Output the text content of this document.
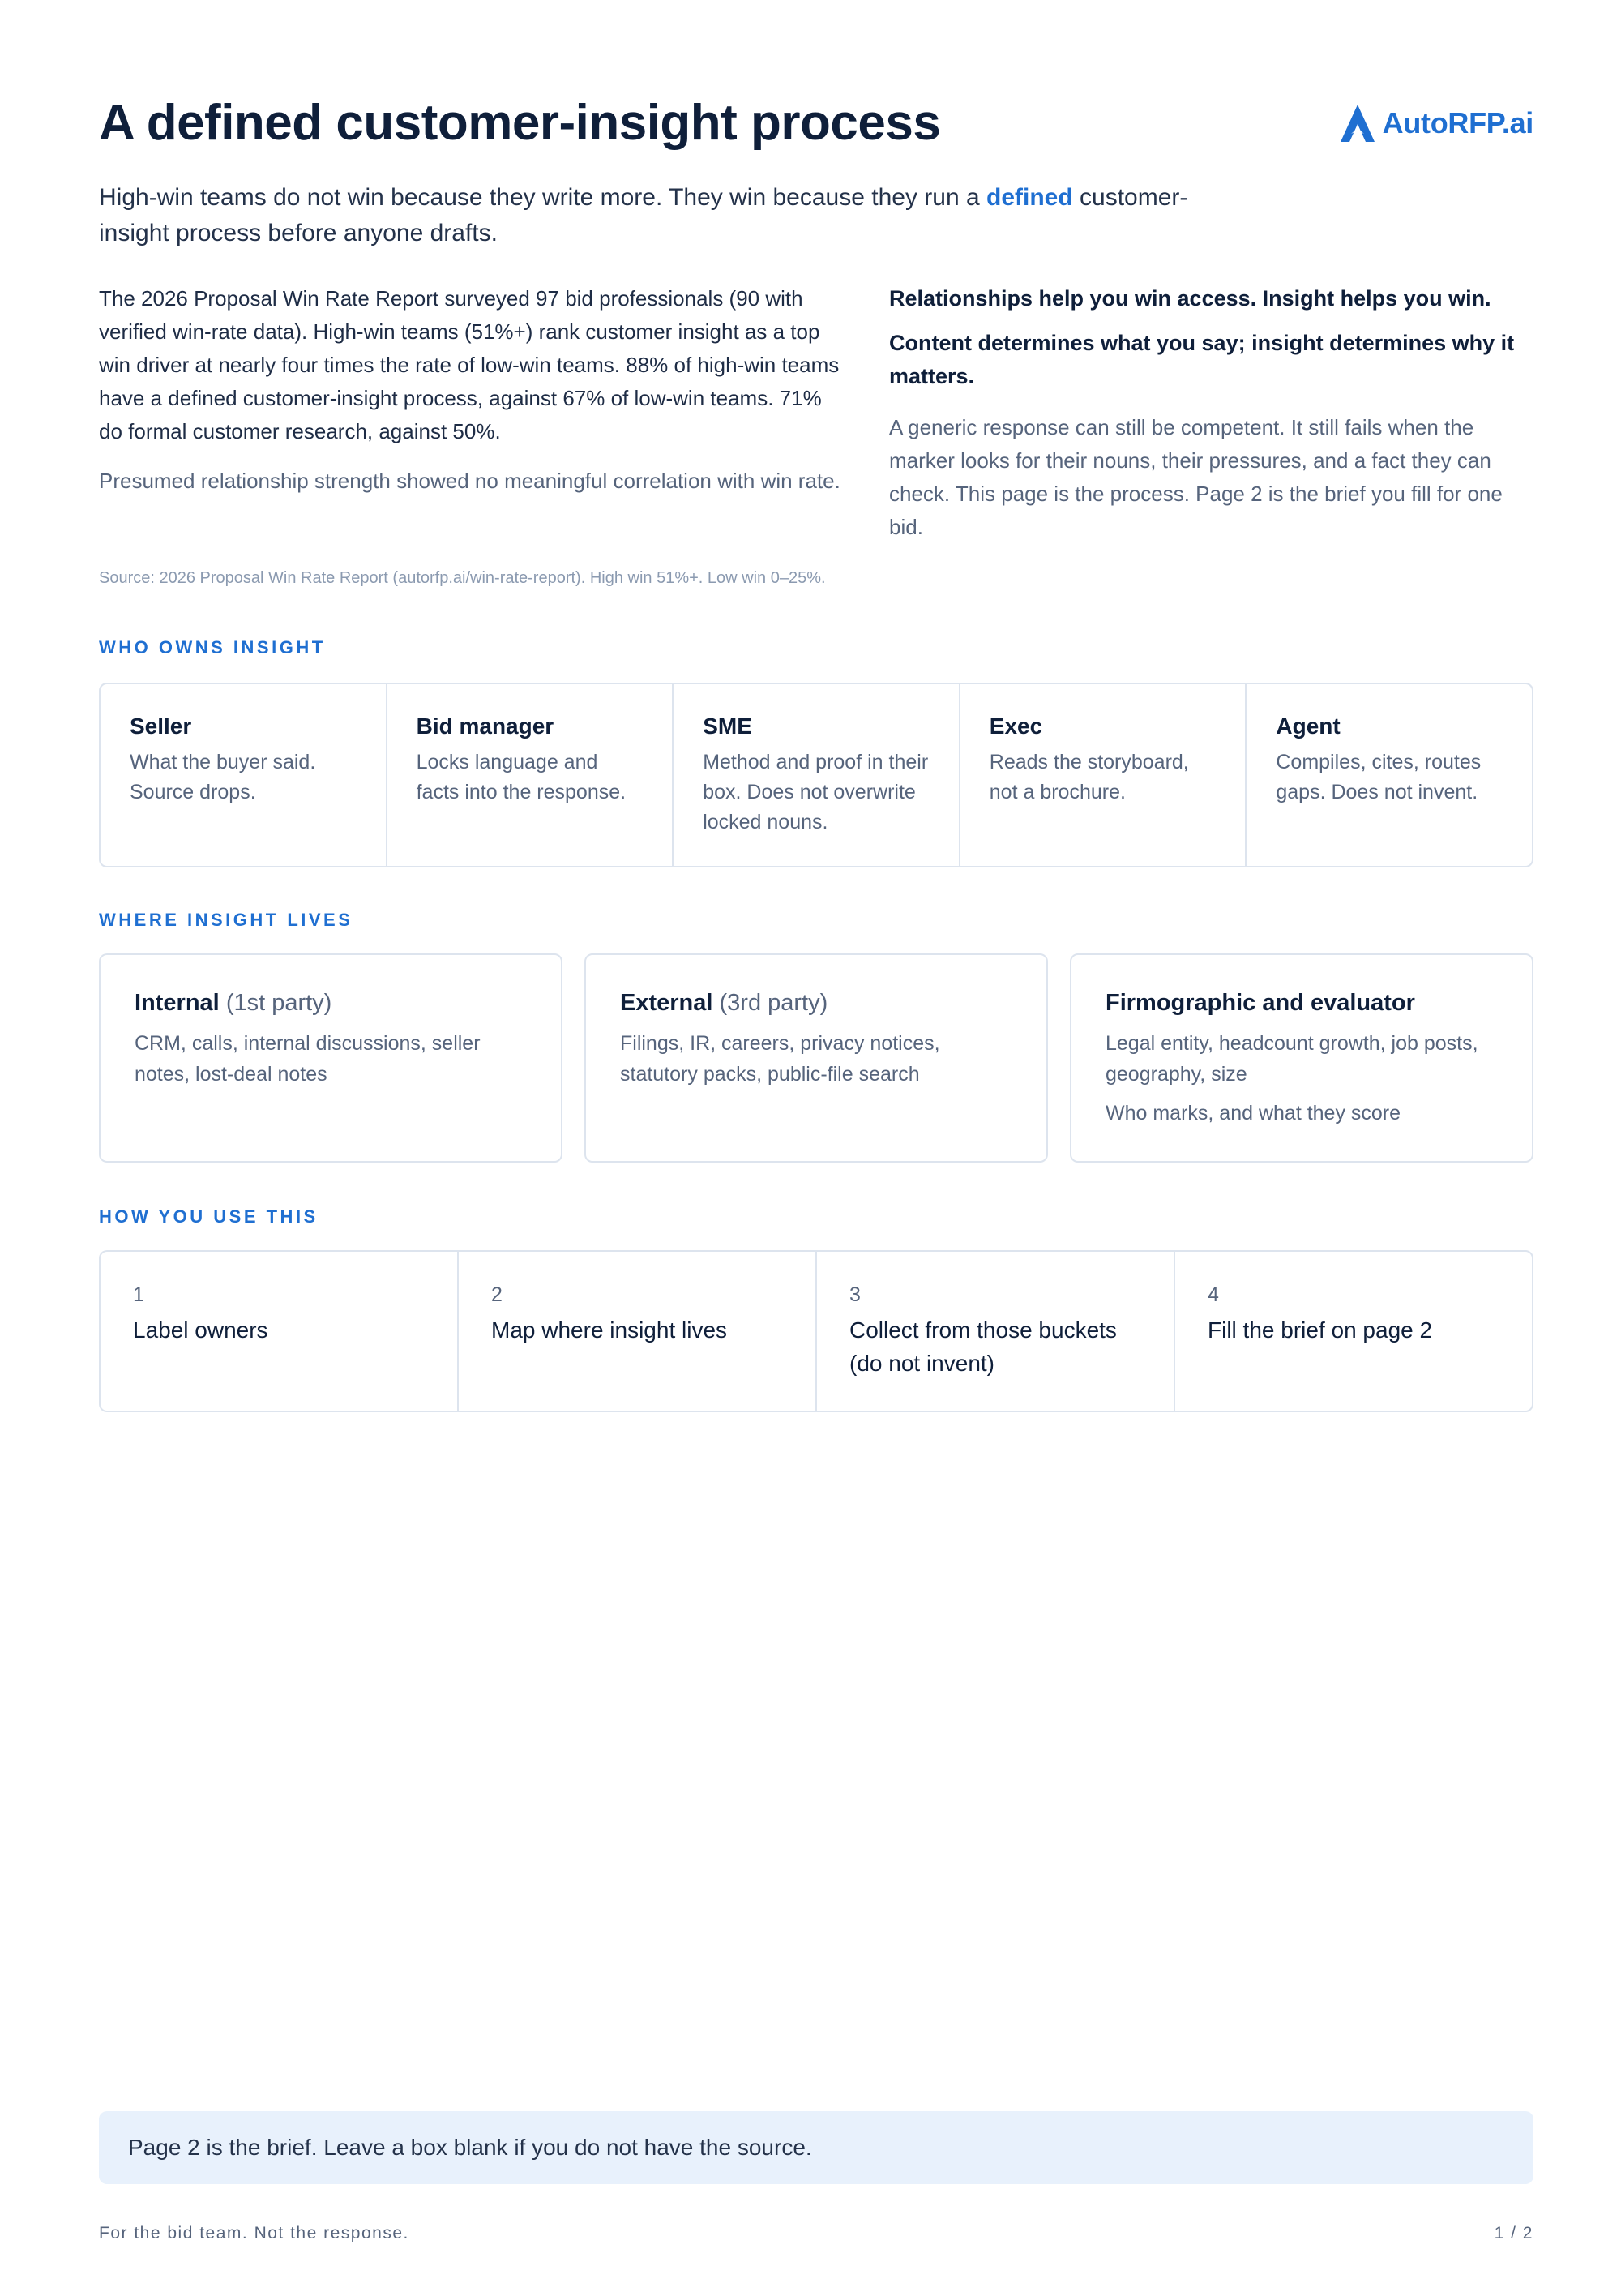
A defined customer-insight process	AutoRFP.ai

High-win teams do not win because they write more. They win because they run a defined customer-insight process before anyone drafts.

The 2026 Proposal Win Rate Report surveyed 97 bid professionals (90 with verified win-rate data). High-win teams (51%+) rank customer insight as a top win driver at nearly four times the rate of low-win teams. 88% of high-win teams have a defined customer-insight process, against 67% of low-win teams. 71% do formal customer research, against 50%.

Presumed relationship strength showed no meaningful correlation with win rate.

Relationships help you win access. Insight helps you win.

Content determines what you say; insight determines why it matters.

A generic response can still be competent. It still fails when the marker looks for their nouns, their pressures, and a fact they can check. This page is the process. Page 2 is the brief you fill for one bid.

Source: 2026 Proposal Win Rate Report (autorfp.ai/win-rate-report). High win 51%+. Low win 0–25%.

WHO OWNS INSIGHT
Seller
What the buyer said. Source drops.
Bid manager
Locks language and facts into the response.
SME
Method and proof in their box. Does not overwrite locked nouns.
Exec
Reads the storyboard, not a brochure.
Agent
Compiles, cites, routes gaps. Does not invent.
WHERE INSIGHT LIVES
Internal (1st party)
CRM, calls, internal discussions, seller notes, lost-deal notes
External (3rd party)
Filings, IR, careers, privacy notices, statutory packs, public-file search
Firmographic and evaluator
Legal entity, headcount growth, job posts, geography, size
Who marks, and what they score
HOW YOU USE THIS
1
Label owners
2
Map where insight lives
3
Collect from those buckets (do not invent)
4
Fill the brief on page 2
Page 2 is the brief. Leave a box blank if you do not have the source.
For the bid team. Not the response.	1 / 2
